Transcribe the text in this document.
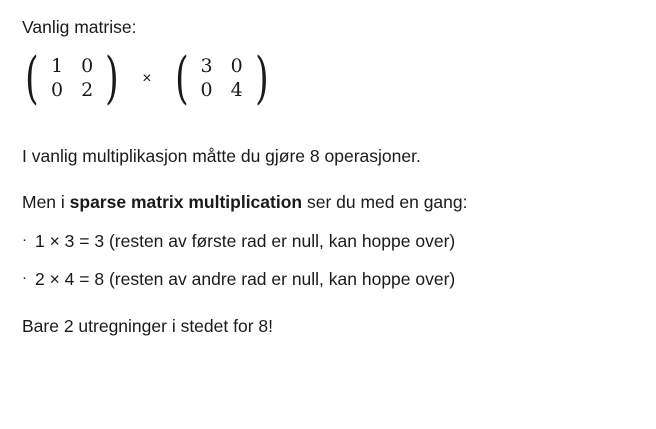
Vanlig matrise:
( 1	0
0	2 )	× ( 3	0
0	4 )

I vanlig multiplikasjon måtte du gjøre 8 operasjoner.

Men i sparse matrix multiplication ser du med en gang:

· 1 × 3 = 3 (resten av første rad er null, kan hoppe over)
· 2 × 4 = 8 (resten av andre rad er null, kan hoppe over)

Bare 2 utregninger i stedet for 8!
